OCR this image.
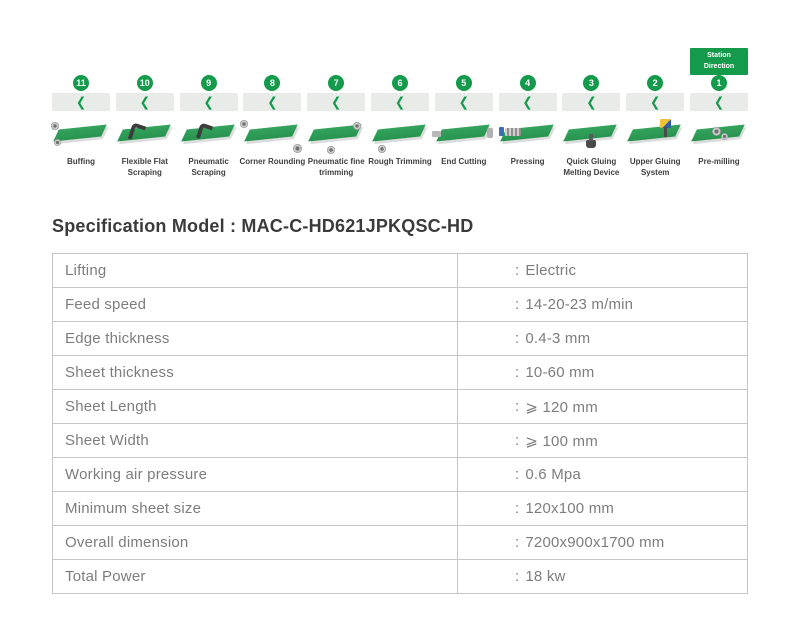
Station Direction
11
❮
Buffing
10
❮
Flexible Flat Scraping
9
❮
Pneumatic Scraping
8
❮
Corner Rounding
7
❮
Pneumatic fine trimming
6
❮
Rough Trimming
5
❮
End Cutting
4
❮
Pressing
3
❮
Quick Gluing Melting Device
2
❮
Upper Gluing System
1
❮
Pre-milling
Specification Model : MAC-C-HD621JPKQSC-HD
Lifting	: Electric
Feed speed	: 14-20-23 m/min
Edge thickness	: 0.4-3 mm
Sheet thickness	: 10-60 mm
Sheet Length	: ⩾ 120 mm
Sheet Width	: ⩾ 100 mm
Working air pressure	: 0.6 Mpa
Minimum sheet size	: 120x100 mm
Overall dimension	: 7200x900x1700 mm
Total Power	: 18 kw
